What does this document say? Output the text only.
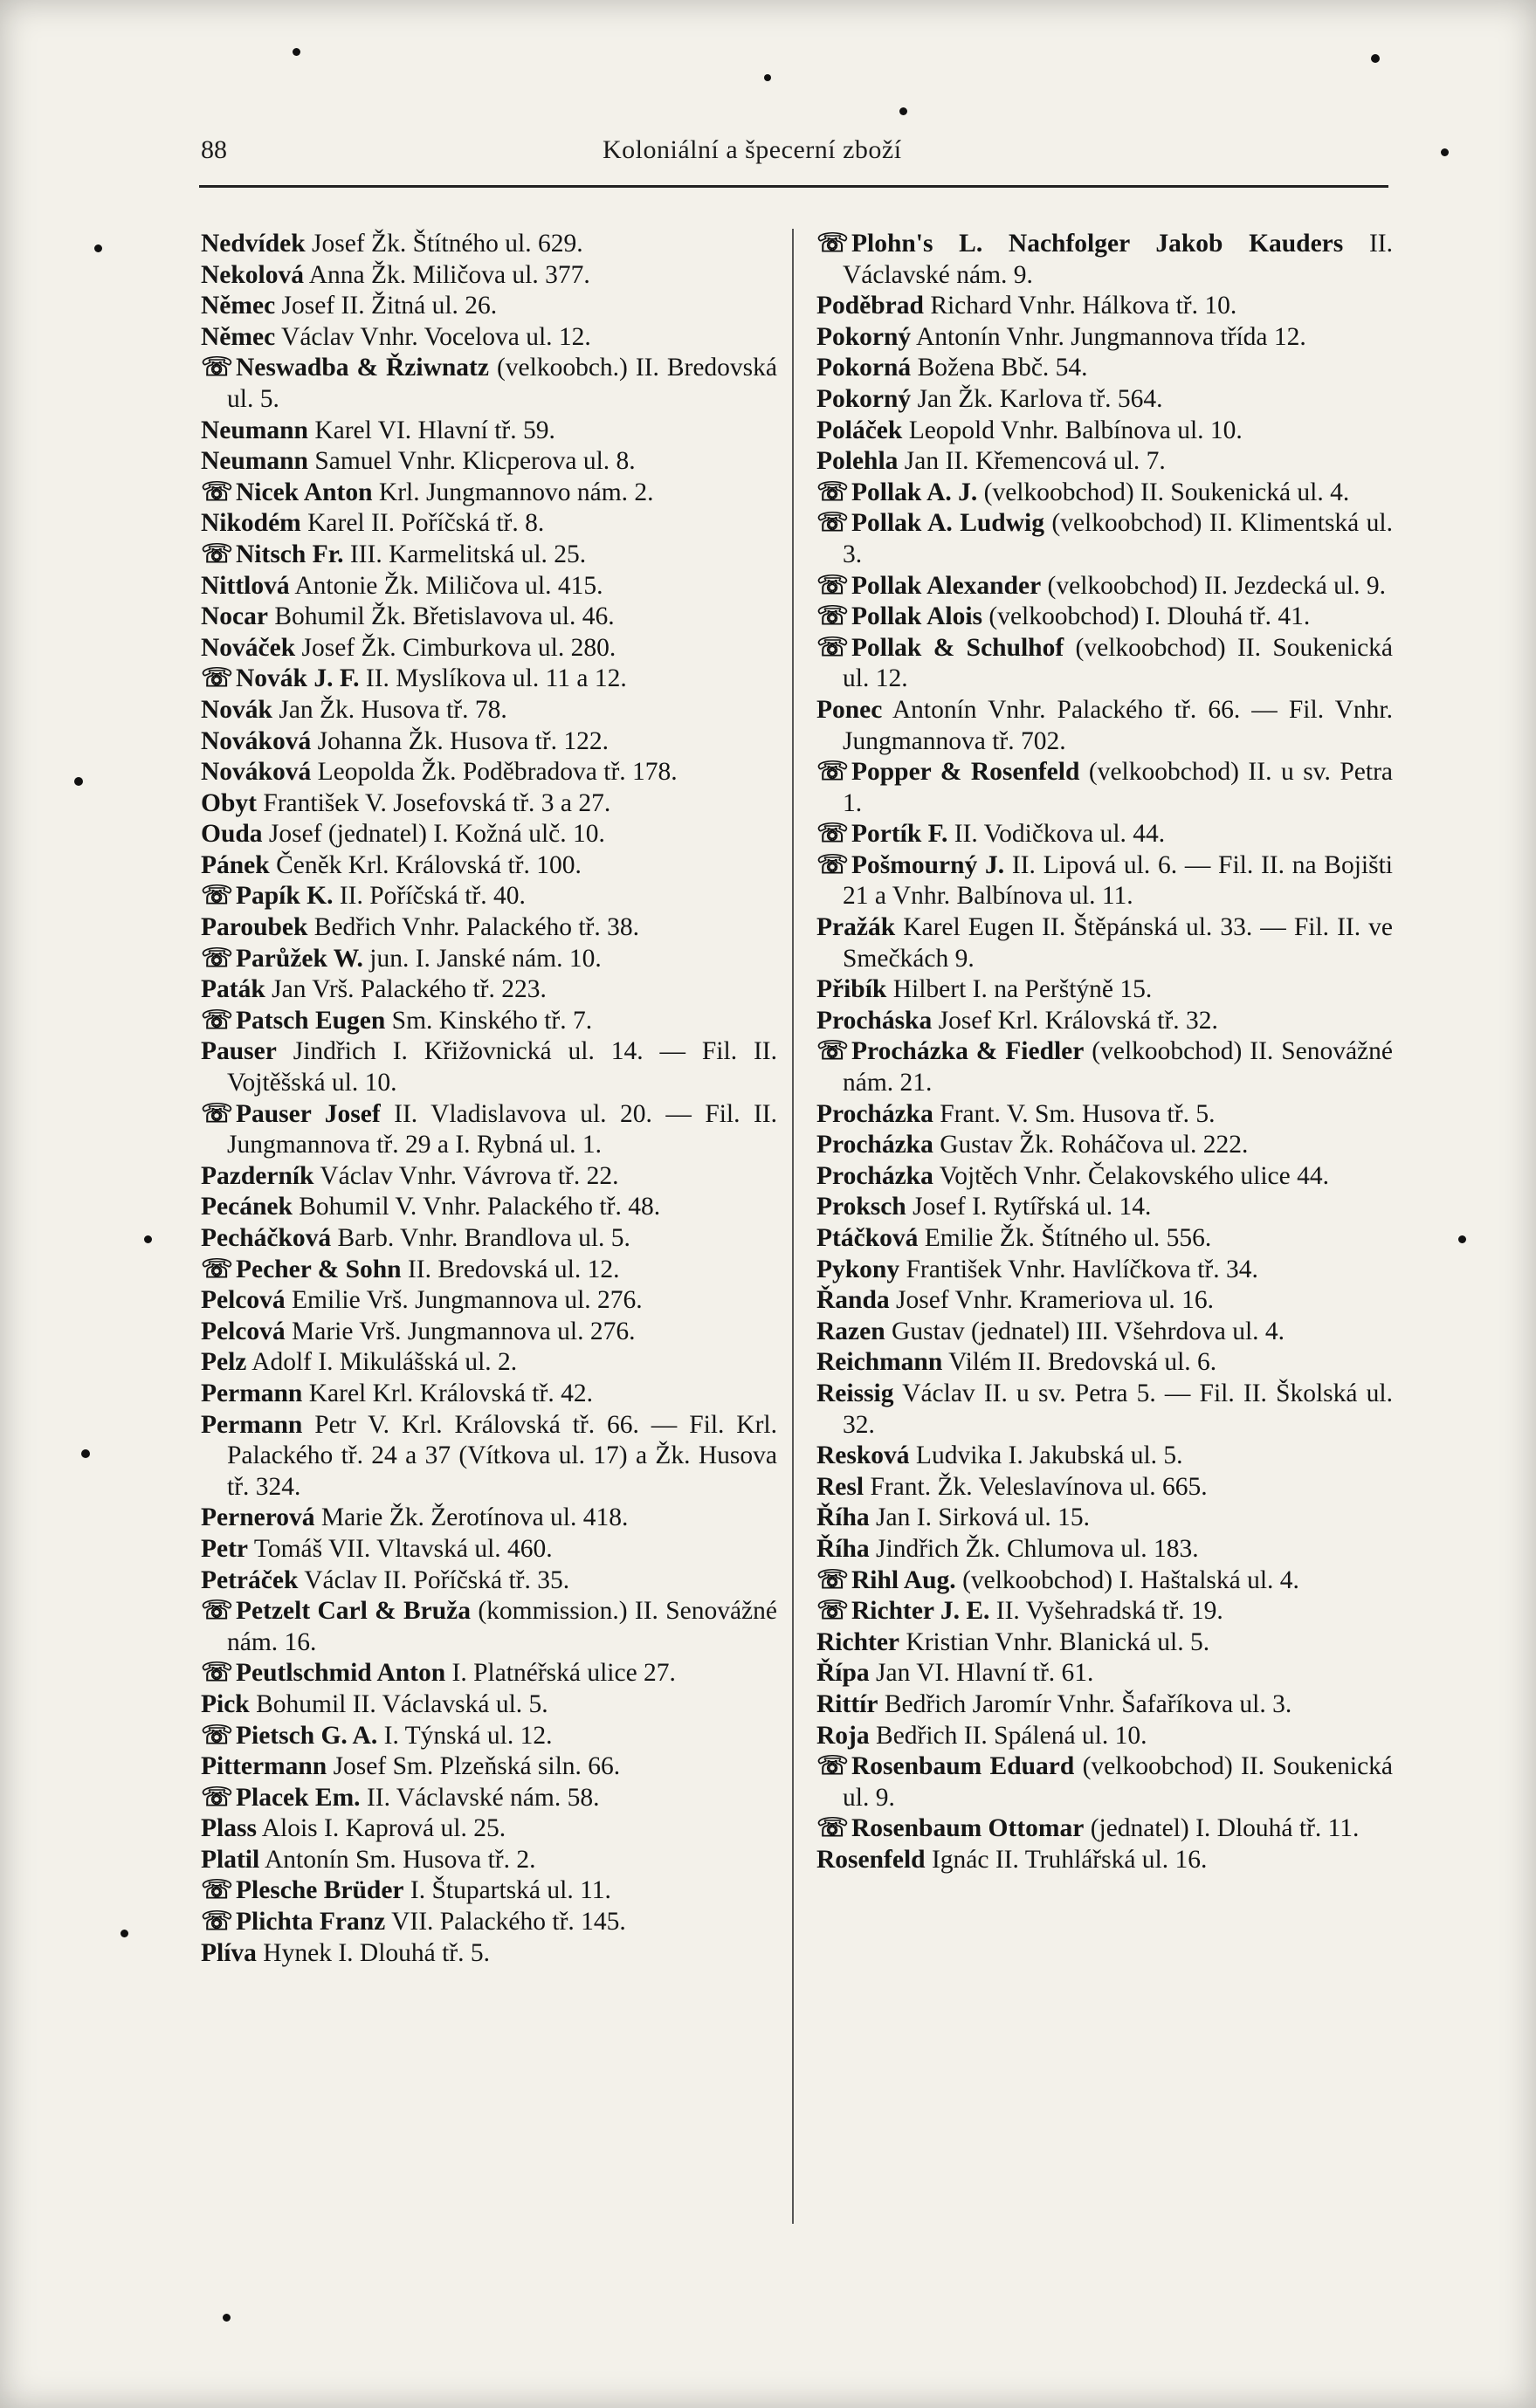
88	Koloniální a špecerní zboží
Nedvídek Josef Žk. Štítného ul. 629.
Nekolová Anna Žk. Miličova ul. 377.
Němec Josef II. Žitná ul. 26.
Němec Václav Vnhr. Vocelova ul. 12.
☏ Neswadba & Řziwnatz (velkoobch.) II. Bredovská ul. 5.
Neumann Karel VI. Hlavní tř. 59.
Neumann Samuel Vnhr. Klicperova ul. 8.
☏ Nicek Anton Krl. Jungmannovo nám. 2.
Nikodém Karel II. Poříčská tř. 8.
☏ Nitsch Fr. III. Karmelitská ul. 25.
Nittlová Antonie Žk. Miličova ul. 415.
Nocar Bohumil Žk. Břetislavova ul. 46.
Nováček Josef Žk. Cimburkova ul. 280.
☏ Novák J. F. II. Myslíkova ul. 11 a 12.
Novák Jan Žk. Husova tř. 78.
Nováková Johanna Žk. Husova tř. 122.
Nováková Leopolda Žk. Poděbradova tř. 178.
Obyt František V. Josefovská tř. 3 a 27.
Ouda Josef (jednatel) I. Kožná ulč. 10.
Pánek Čeněk Krl. Královská tř. 100.
☏ Papík K. II. Poříčská tř. 40.
Paroubek Bedřich Vnhr. Palackého tř. 38.
☏ Parůžek W. jun. I. Janské nám. 10.
Paták Jan Vrš. Palackého tř. 223.
☏ Patsch Eugen Sm. Kinského tř. 7.
Pauser Jindřich I. Křižovnická ul. 14. — Fil. II. Vojtěšská ul. 10.
☏ Pauser Josef II. Vladislavova ul. 20. — Fil. II. Jungmannova tř. 29 a I. Rybná ul. 1.
Pazderník Václav Vnhr. Vávrova tř. 22.
Pecánek Bohumil V. Vnhr. Palackého tř. 48.
Pecháčková Barb. Vnhr. Brandlova ul. 5.
☏ Pecher & Sohn II. Bredovská ul. 12.
Pelcová Emilie Vrš. Jungmannova ul. 276.
Pelcová Marie Vrš. Jungmannova ul. 276.
Pelz Adolf I. Mikulášská ul. 2.
Permann Karel Krl. Královská tř. 42.
Permann Petr V. Krl. Královská tř. 66. — Fil. Krl. Palackého tř. 24 a 37 (Vítkova ul. 17) a Žk. Husova tř. 324.
Pernerová Marie Žk. Žerotínova ul. 418.
Petr Tomáš VII. Vltavská ul. 460.
Petráček Václav II. Poříčská tř. 35.
☏ Petzelt Carl & Bruža (kommission.) II. Senovážné nám. 16.
☏ Peutlschmid Anton I. Platnéřská ulice 27.
Pick Bohumil II. Václavská ul. 5.
☏ Pietsch G. A. I. Týnská ul. 12.
Pittermann Josef Sm. Plzeňská siln. 66.
☏ Placek Em. II. Václavské nám. 58.
Plass Alois I. Kaprová ul. 25.
Platil Antonín Sm. Husova tř. 2.
☏ Plesche Brüder I. Štupartská ul. 11.
☏ Plichta Franz VII. Palackého tř. 145.
Plíva Hynek I. Dlouhá tř. 5.
☏ Plohn's L. Nachfolger Jakob Kauders II. Václavské nám. 9.
Poděbrad Richard Vnhr. Hálkova tř. 10.
Pokorný Antonín Vnhr. Jungmannova třída 12.
Pokorná Božena Bbč. 54.
Pokorný Jan Žk. Karlova tř. 564.
Poláček Leopold Vnhr. Balbínova ul. 10.
Polehla Jan II. Křemencová ul. 7.
☏ Pollak A. J. (velkoobchod) II. Soukenická ul. 4.
☏ Pollak A. Ludwig (velkoobchod) II. Klimentská ul. 3.
☏ Pollak Alexander (velkoobchod) II. Jezdecká ul. 9.
☏ Pollak Alois (velkoobchod) I. Dlouhá tř. 41.
☏ Pollak & Schulhof (velkoobchod) II. Soukenická ul. 12.
Ponec Antonín Vnhr. Palackého tř. 66. — Fil. Vnhr. Jungmannova tř. 702.
☏ Popper & Rosenfeld (velkoobchod) II. u sv. Petra 1.
☏ Portík F. II. Vodičkova ul. 44.
☏ Pošmourný J. II. Lipová ul. 6. — Fil. II. na Bojišti 21 a Vnhr. Balbínova ul. 11.
Pražák Karel Eugen II. Štěpánská ul. 33. — Fil. II. ve Smečkách 9.
Přibík Hilbert I. na Perštýně 15.
Procháska Josef Krl. Královská tř. 32.
☏ Procházka & Fiedler (velkoobchod) II. Senovážné nám. 21.
Procházka Frant. V. Sm. Husova tř. 5.
Procházka Gustav Žk. Roháčova ul. 222.
Procházka Vojtěch Vnhr. Čelakovského ulice 44.
Proksch Josef I. Rytířská ul. 14.
Ptáčková Emilie Žk. Štítného ul. 556.
Pykony František Vnhr. Havlíčkova tř. 34.
Řanda Josef Vnhr. Krameriova ul. 16.
Razen Gustav (jednatel) III. Všehrdova ul. 4.
Reichmann Vilém II. Bredovská ul. 6.
Reissig Václav II. u sv. Petra 5. — Fil. II. Školská ul. 32.
Resková Ludvika I. Jakubská ul. 5.
Resl Frant. Žk. Veleslavínova ul. 665.
Říha Jan I. Sirková ul. 15.
Říha Jindřich Žk. Chlumova ul. 183.
☏ Rihl Aug. (velkoobchod) I. Haštalská ul. 4.
☏ Richter J. E. II. Vyšehradská tř. 19.
Richter Kristian Vnhr. Blanická ul. 5.
Řípa Jan VI. Hlavní tř. 61.
Rittír Bedřich Jaromír Vnhr. Šafaříkova ul. 3.
Roja Bedřich II. Spálená ul. 10.
☏ Rosenbaum Eduard (velkoobchod) II. Soukenická ul. 9.
☏ Rosenbaum Ottomar (jednatel) I. Dlouhá tř. 11.
Rosenfeld Ignác II. Truhlářská ul. 16.
